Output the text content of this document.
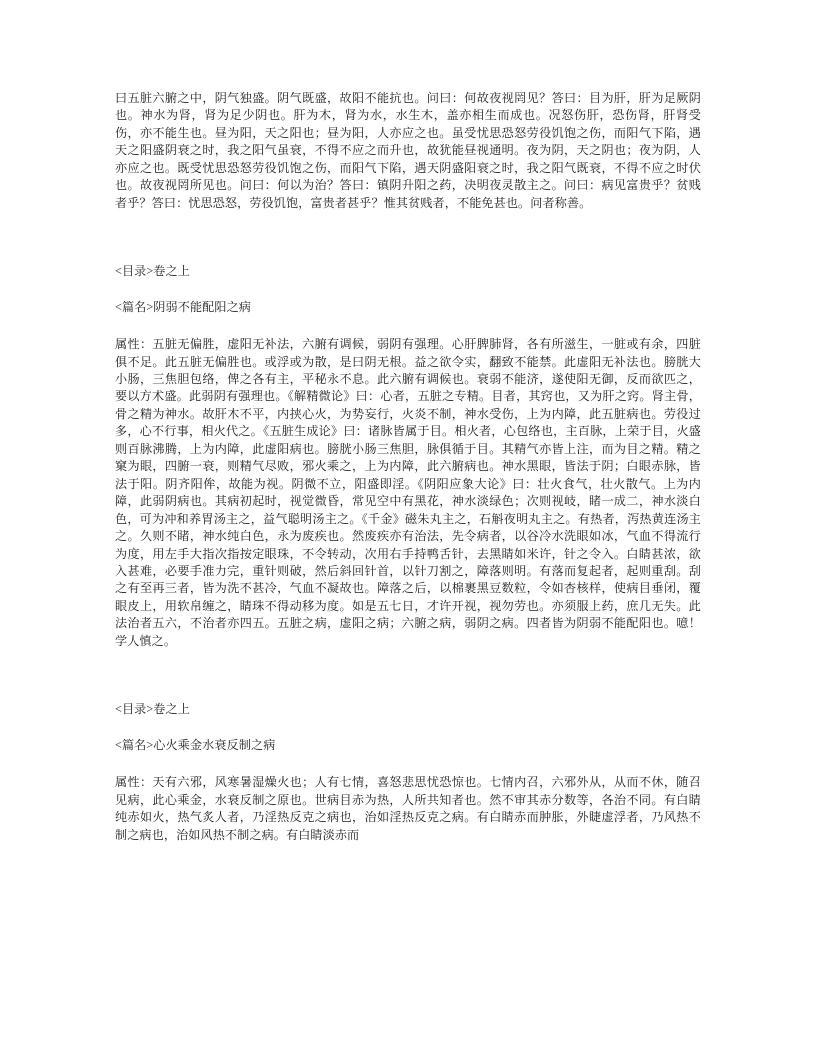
曰五脏六腑之中，阴气独盛。阴气既盛，故阳不能抗也。问曰：何故夜视罔见？答曰：目为肝，肝为足厥阴也。神水为肾，肾为足少阴也。肝为木，肾为水，水生木，盖亦相生而成也。况怒伤肝，恐伤肾，肝肾受伤，亦不能生也。昼为阳，天之阳也；昼为阳，人亦应之也。虽受忧思恐怒劳役饥饱之伤，而阳气下陷，遇天之阳盛阴衰之时，我之阳气虽衰，不得不应之而升也，故犹能昼视通明。夜为阴，天之阴也；夜为阴，人亦应之也。既受忧思恐怒劳役饥饱之伤，而阳气下陷，遇天阴盛阳衰之时，我之阳气既衰，不得不应之时伏也。故夜视罔所见也。问曰：何以为治？答曰：镇阴升阳之药，决明夜灵散主之。问曰：病见富贵乎？贫贱者乎？答曰：忧思恐怒，劳役饥饱，富贵者甚乎？惟其贫贱者，不能免甚也。问者称善。

<目录>卷之上

<篇名>阴弱不能配阳之病

属性：五脏无偏胜，虚阳无补法，六腑有调候，弱阴有强理。心肝脾肺肾，各有所滋生，一脏或有余，四脏俱不足。此五脏无偏胜也。或浮或为散，是曰阴无根。益之欲令实，翻致不能禁。此虚阳无补法也。膀胱大小肠，三焦胆包络，俾之各有主，平秘永不息。此六腑有调候也。衰弱不能济，遂使阳无御，反而欲匹之，要以方术盛。此弱阴有强理也。《解精微论》曰：心者，五脏之专精。目者，其窍也，又为肝之窍。肾主骨，骨之精为神水。故肝木不平，内挟心火，为势妄行，火炎不制，神水受伤，上为内障，此五脏病也。劳役过多，心不行事，相火代之。《五脏生成论》曰：诸脉皆属于目。相火者，心包络也，主百脉，上荣于目，火盛则百脉沸腾，上为内障，此虚阳病也。膀胱小肠三焦胆，脉俱循于目。其精气亦皆上注，而为目之精。精之窠为眼，四腑一衰，则精气尽败，邪火乘之，上为内障，此六腑病也。神水黑眼，皆法于阴；白眼赤脉，皆法于阳。阴齐阳侔，故能为视。阴微不立，阳盛即淫。《阴阳应象大论》曰：壮火食气，壮火散气。上为内障，此弱阴病也。其病初起时，视觉微昏，常见空中有黑花，神水淡绿色；次则视岐，睹一成二，神水淡白色，可为冲和养胃汤主之，益气聪明汤主之。《千金》磁朱丸主之，石斛夜明丸主之。有热者，泻热黄连汤主之。久则不睹，神水纯白色，永为废疾也。然废疾亦有治法，先令病者，以谷冷水洗眼如冰，气血不得流行为度，用左手大指次指按定眼珠，不令转动，次用右手持鸭舌针，去黑睛如米许，针之令入。白睛甚浓，欲入甚难，必要手准力完，重针则破，然后斜回针首，以针刀割之，障落则明。有落而复起者，起则重刮。刮之有至再三者，皆为洗不甚冷，气血不凝故也。障落之后，以棉裹黑豆数粒，令如杏核样，使病目垂闭，覆眼皮上，用软帛缠之，睛珠不得动移为度。如是五七日，才许开视，视勿劳也。亦须服上药，庶几无失。此法治者五六，不治者亦四五。五脏之病，虚阳之病；六腑之病，弱阴之病。四者皆为阴弱不能配阳也。噫！学人慎之。

<目录>卷之上

<篇名>心火乘金水衰反制之病

属性：天有六邪，风寒暑湿燥火也；人有七情，喜怒悲思忧恐惊也。七情内召，六邪外从，从而不休，随召见病，此心乘金，水衰反制之原也。世病目赤为热，人所共知者也。然不审其赤分数等，各治不同。有白睛纯赤如火，热气炙人者，乃淫热反克之病也，治如淫热反克之病。有白睛赤而肿胀，外睫虚浮者，乃风热不制之病也，治如风热不制之病。有白睛淡赤而
